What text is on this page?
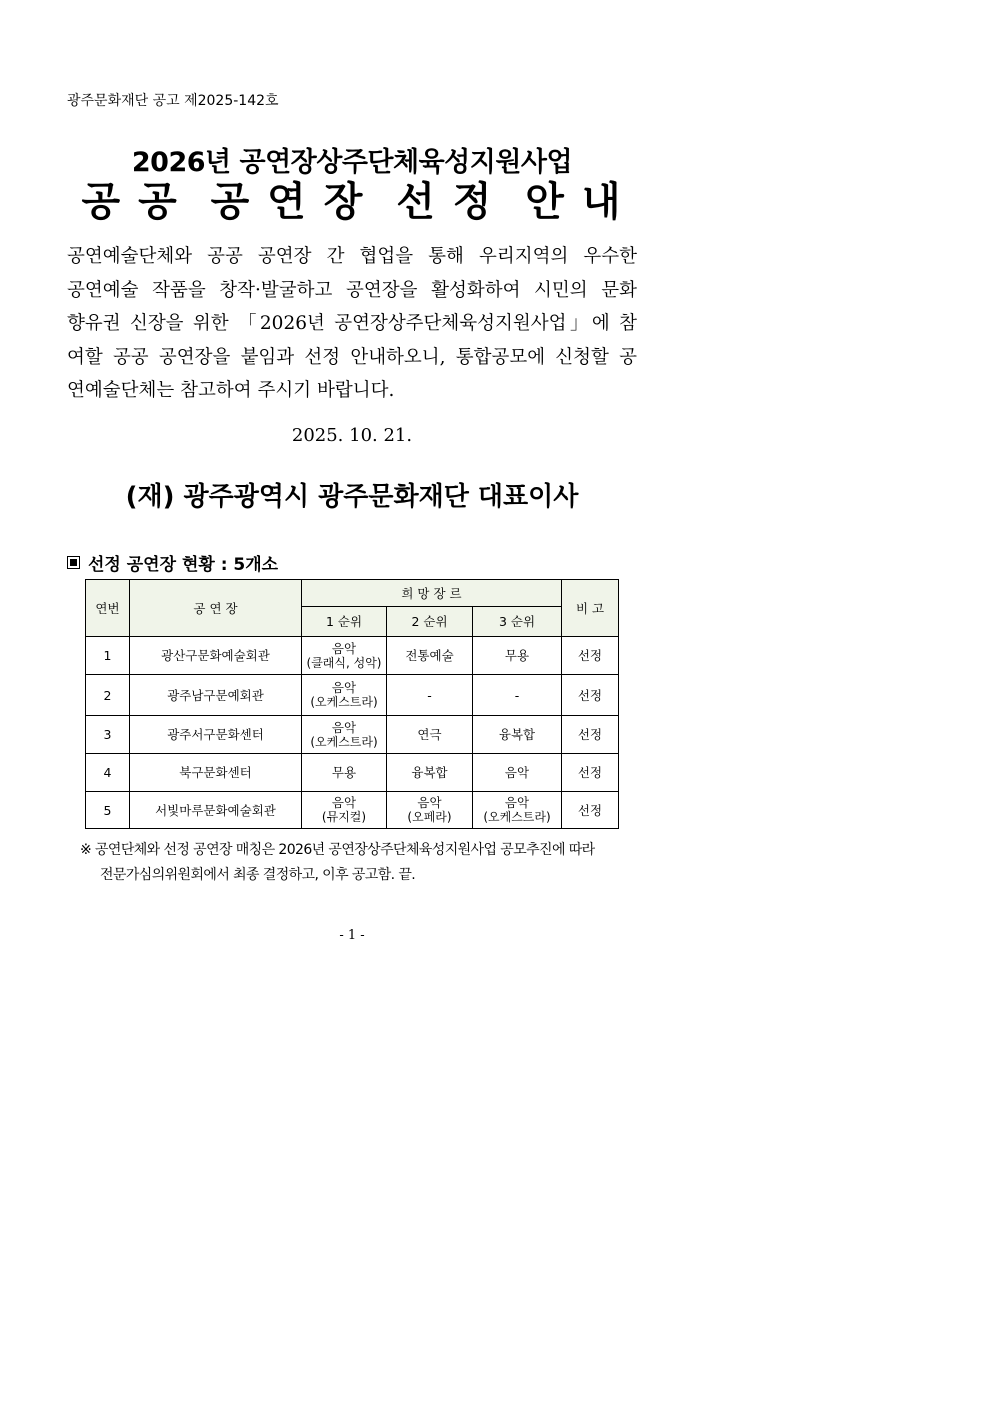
광주문화재단 공고 제2025-142호
2026년 공연장상주단체육성지원사업
공 공  공 연 장  선 정  안 내
공연예술단체와 공공 공연장 간 협업을 통해 우리지역의 우수한
공연예술 작품을 창작·발굴하고 공연장을 활성화하여 시민의 문화
향유권 신장을 위한 「2026년 공연장상주단체육성지원사업」에 참
여할 공공 공연장을 붙임과 선정 안내하오니, 통합공모에 신청할 공
연예술단체는 참고하여 주시기 바랍니다.
2025. 10. 21.
(재) 광주광역시 광주문화재단 대표이사
선정 공연장 현황 : 5개소
연번	공 연 장	희 망 장 르			비 고
		1 순위	2 순위	3 순위	
1	광산구문화예술회관	음악
(클래식, 성악)	전통예술	무용	선정
2	광주남구문예회관	음악
(오케스트라)	-	-	선정
3	광주서구문화센터	음악
(오케스트라)	연극	융복합	선정
4	북구문화센터	무용	융복합	음악	선정
5	서빛마루문화예술회관	음악
(뮤지컬)	음악
(오페라)	음악
(오케스트라)	선정
※ 공연단체와 선정 공연장 매칭은 2026년 공연장상주단체육성지원사업 공모추진에 따라
전문가심의위원회에서 최종 결정하고, 이후 공고함. 끝.
- 1 -
